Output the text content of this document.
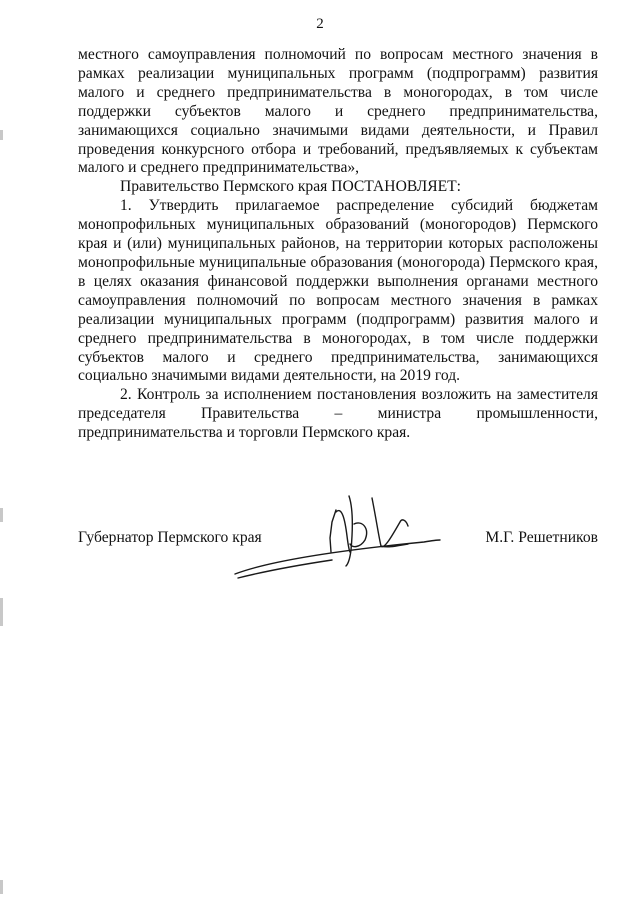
2

местного самоуправления полномочий по вопросам местного значения в рамках реализации муниципальных программ (подпрограмм) развития малого и среднего предпринимательства в моногородах, в том числе поддержки субъектов малого и среднего предпринимательства, занимающихся социально значимыми видами деятельности, и Правил проведения конкурсного отбора и требований, предъявляемых к субъектам малого и среднего предпринимательства»,

Правительство Пермского края ПОСТАНОВЛЯЕТ:

1. Утвердить прилагаемое распределение субсидий бюджетам монопрофильных муниципальных образований (моногородов) Пермского края и (или) муниципальных районов, на территории которых расположены монопрофильные муниципальные образования (моногорода) Пермского края, в целях оказания финансовой поддержки выполнения органами местного самоуправления полномочий по вопросам местного значения в рамках реализации муниципальных программ (подпрограмм) развития малого и среднего предпринимательства в моногородах, в том числе поддержки субъектов малого и среднего предпринимательства, занимающихся социально значимыми видами деятельности, на 2019 год.

2. Контроль за исполнением постановления возложить на заместителя председателя Правительства – министра промышленности, предпринимательства и торговли Пермского края.

Губернатор Пермского края	М.Г. Решетников
